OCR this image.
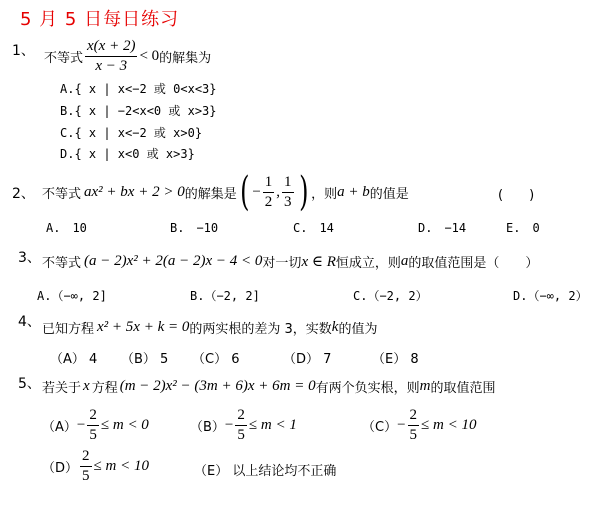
5 月 5 日每日练习
1、 不等式 $\frac{x(x + 2)}{x - 3} < 0$ 的解集为
A.{ x | x<−2 或 0<x<3}
B.{ x | −2<x<0 或 x>3}
C.{ x | x<−2 或 x>0}
D.{ x | x<0 或 x>3}
2、 不等式 ax² + bx + 2 > 0 的解集是 ( − $\frac{1}{2}$ , $\frac{1}{3}$ ) ，则 a + b 的值是	(　　)
A.　10	B.　−10	C.　14	D.　−14	E.　0
3、 不等式 (a − 2)x² + 2(a − 2)x − 4 < 0 对一切 x ∈ R 恒成立，则 a 的取值范围是（　　）
A.（−∞, 2]	B.（−2, 2]	C.（−2, 2）	D.（−∞, 2）
4、 已知方程 x² + 5x + k = 0 的两实根的差为 3，实数 k 的值为
（A） 4 （B） 5 （C） 6	（D） 7	（E） 8
5、 若关于 x 方程 (m − 2)x² − (3m + 6)x + 6m = 0 有两个负实根，则 m 的取值范围
$(A) - \frac{2}{5} \le m < 0$	$(B) - \frac{2}{5} \le m < 1$	$(C) - \frac{2}{5} \le m < 10$
$(D) \frac{2}{5} \le m < 10$	（E） 以上结论均不正确
